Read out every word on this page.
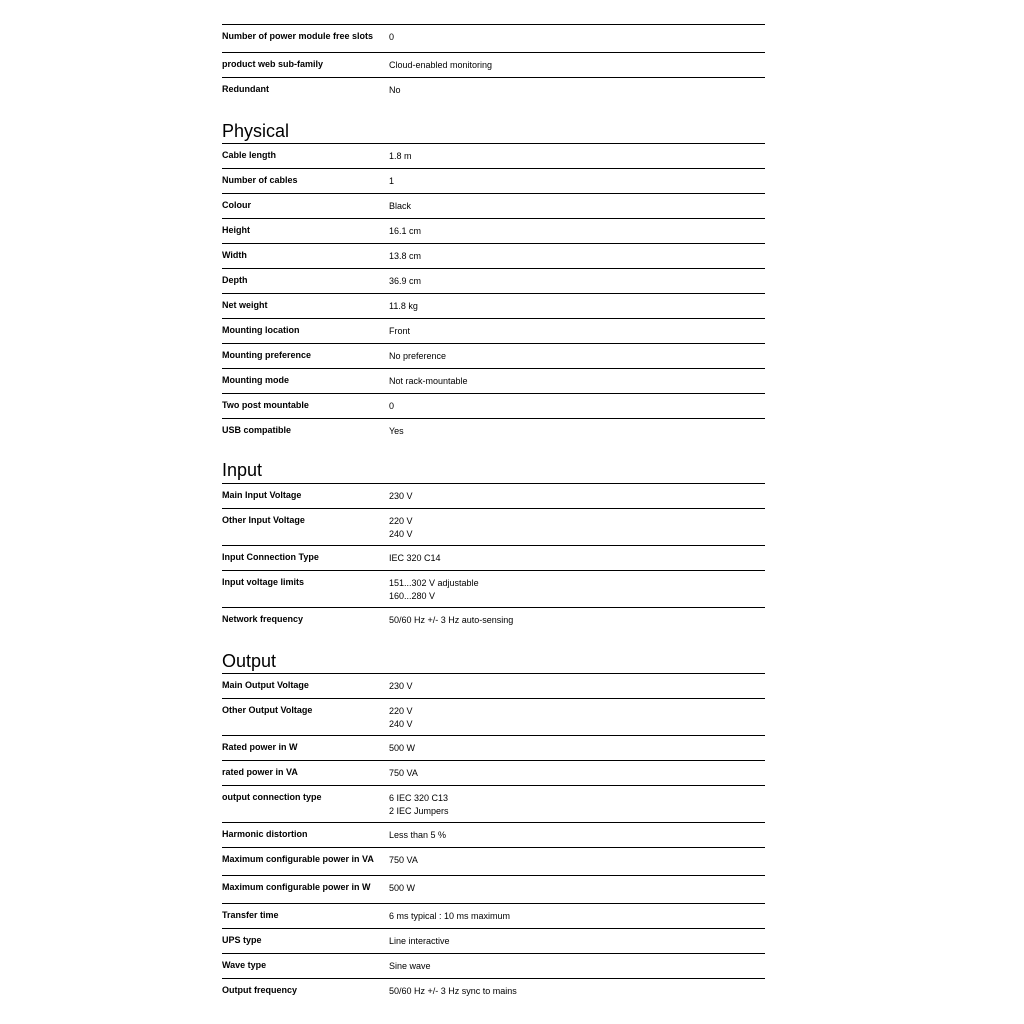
Number of power module free slots	0
product web sub-family	Cloud-enabled monitoring
Redundant	No
Physical
Cable length	1.8 m
Number of cables	1
Colour	Black
Height	16.1 cm
Width	13.8 cm
Depth	36.9 cm
Net weight	11.8 kg
Mounting location	Front
Mounting preference	No preference
Mounting mode	Not rack-mountable
Two post mountable	0
USB compatible	Yes
Input
Main Input Voltage	230 V
Other Input Voltage	220 V
240 V
Input Connection Type	IEC 320 C14
Input voltage limits	151...302 V adjustable
160...280 V
Network frequency	50/60 Hz +/- 3 Hz auto-sensing
Output
Main Output Voltage	230 V
Other Output Voltage	220 V
240 V
Rated power in W	500 W
rated power in VA	750 VA
output connection type	6 IEC 320 C13
2 IEC Jumpers
Harmonic distortion	Less than 5 %
Maximum configurable power in VA	750 VA
Maximum configurable power in W	500 W
Transfer time	6 ms typical : 10 ms maximum
UPS type	Line interactive
Wave type	Sine wave
Output frequency	50/60 Hz +/- 3 Hz sync to mains
